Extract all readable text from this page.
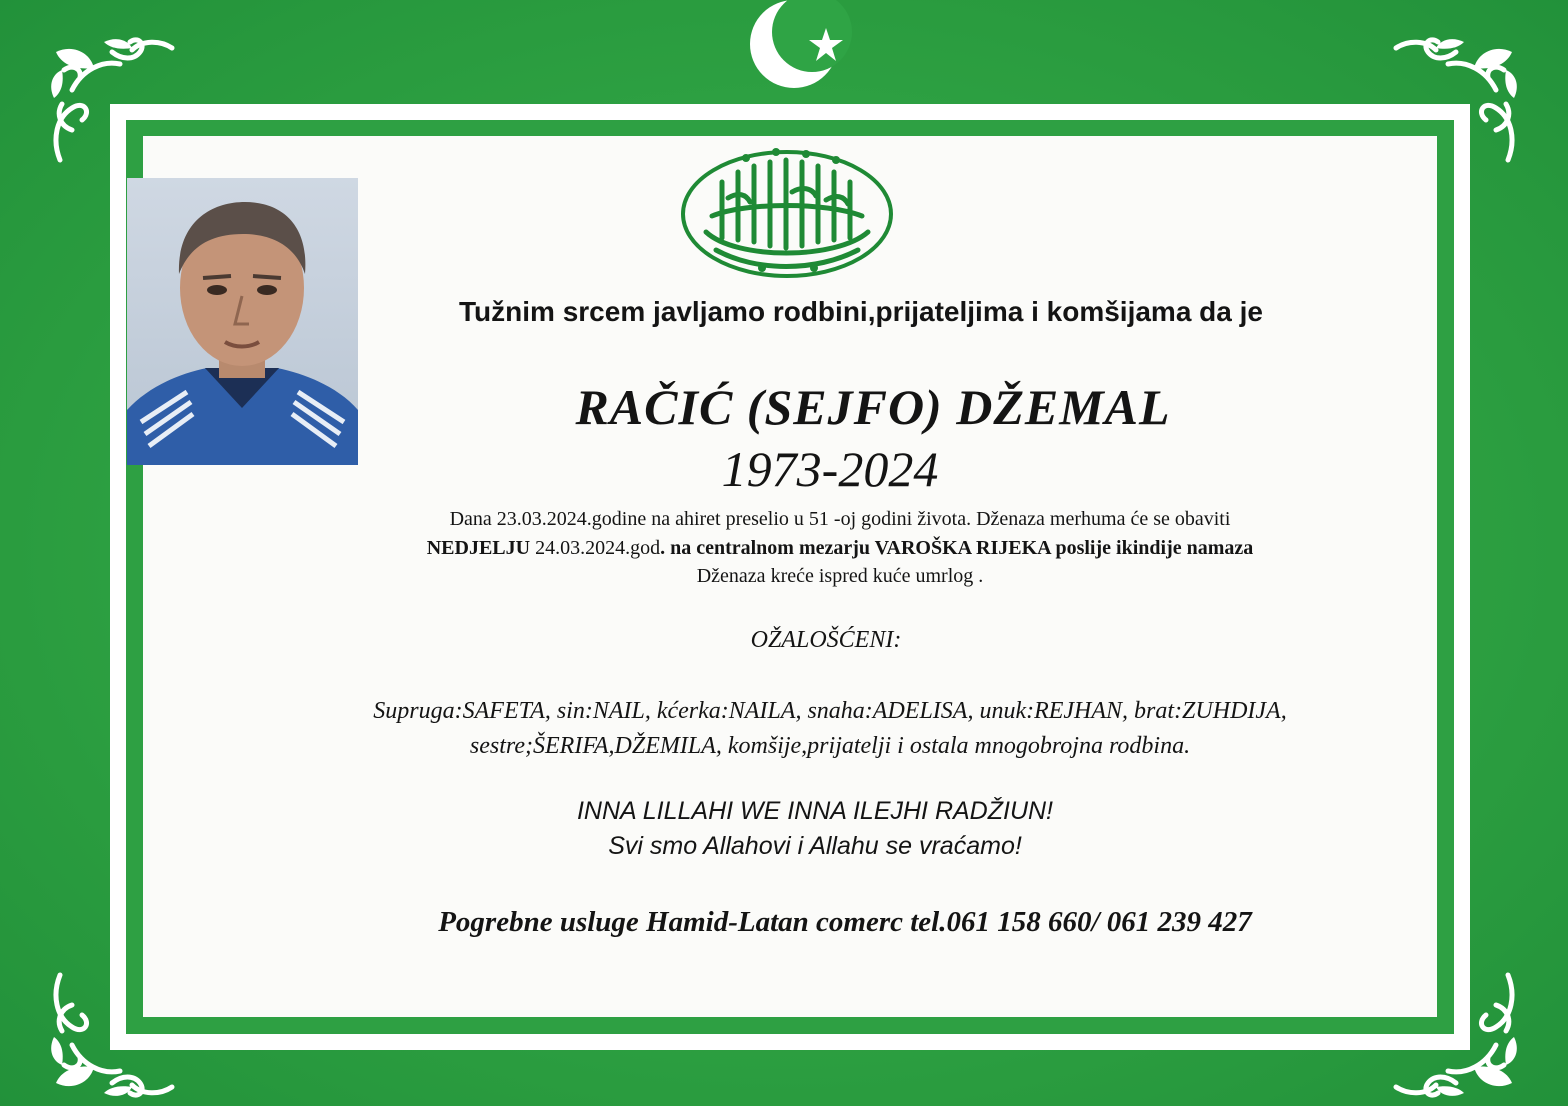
Tužnim srcem javljamo rodbini,prijateljima i komšijama da je
RAČIĆ (SEJFO) DŽEMAL
1973-2024
Dana 23.03.2024.godine na ahiret preselio u 51 -oj godini života. Dženaza merhuma će se obaviti
NEDJELJU 24.03.2024.god. na centralnom mezarju VAROŠKA RIJEKA poslije ikindije namaza
Dženaza kreće ispred kuće umrlog .
OŽALOŠĆENI:
Supruga:SAFETA, sin:NAIL, kćerka:NAILA, snaha:ADELISA, unuk:REJHAN, brat:ZUHDIJA,
sestre;ŠERIFA,DŽEMILA, komšije,prijatelji i ostala mnogobrojna rodbina.
INNA LILLAHI WE INNA ILEJHI RADŽIUN!
Svi smo Allahovi i Allahu se vraćamo!
Pogrebne usluge Hamid-Latan comerc tel.061 158 660/ 061 239 427
